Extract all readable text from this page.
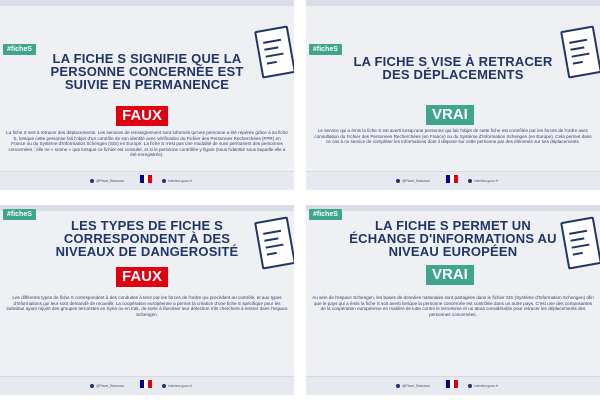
#ficheS
LA FICHE S SIGNIFIE QUE LA PERSONNE CONCERNÉE EST SUIVIE EN PERMANENCE
FAUX
La fiche S sert à retracer des déplacements. Les services de renseignement sont informés qu'une personne a été repérée grâce à sa fiche S, lorsque cette personne fait l'objet d'un contrôle de son identité avec vérification du Fichier des Personnes Recherchées (FPR) en France ou du Système d'Information Schengen (SIS) en Europe. La fiche S n'est pas une modalité de suivi permanent des personnes concernées : elle ne « sonne » que lorsque ce fichier est consulté, et si la personne contrôlée y figure (sous l'identité sous laquelle elle a été enregistrée).
@Place_Beauvau	interieur.gouv.fr
#ficheS
LA FICHE S VISE À RETRACER DES DÉPLACEMENTS
VRAI
Le service qui a émis la fiche S est averti lorsqu'une personne qui fait l'objet de cette fiche est contrôlée par les forces de l'ordre avec consultation du Fichier des Personnes Recherchées (en France) ou du Système d'Information Schengen (en Europe). Cela permet dans ce cas à ce service de compléter les informations dont il dispose sur cette personne par des éléments sur ses déplacements.
@Place_Beauvau	interieur.gouv.fr
#ficheS
LES TYPES DE FICHE S CORRESPONDENT À DES NIVEAUX DE DANGEROSITÉ
FAUX
Les différents types de fiche S correspondent à des conduites à tenir par les forces de l'ordre qui procèdent au contrôle, et aux types d'informations qui leur sont demandé de recueillir. La coopération européenne a permis la création d'une fiche S spécifique pour les individus ayant rejoint des groupes terroristes en Syrie ou en Irak, de sorte à favoriser leur détection s'ils cherchent à rentrer dans l'espace Schengen.
@Place_Beauvau	interieur.gouv.fr
#ficheS
LA FICHE S PERMET UN ÉCHANGE D'INFORMATIONS AU NIVEAU EUROPÉEN
VRAI
Au sein de l'espace Schengen, les bases de données nationales sont partagées dans le fichier SIS (Système d'Information Schengen) afin que le pays qui a émis la fiche S soit averti lorsque la personne concernée est contrôlée dans un autre pays. C'est une des composantes de la coopération européenne en matière de lutte contre le terrorisme et un atout considérable pour retracer les déplacements des personnes concernées.
@Place_Beauvau	interieur.gouv.fr
